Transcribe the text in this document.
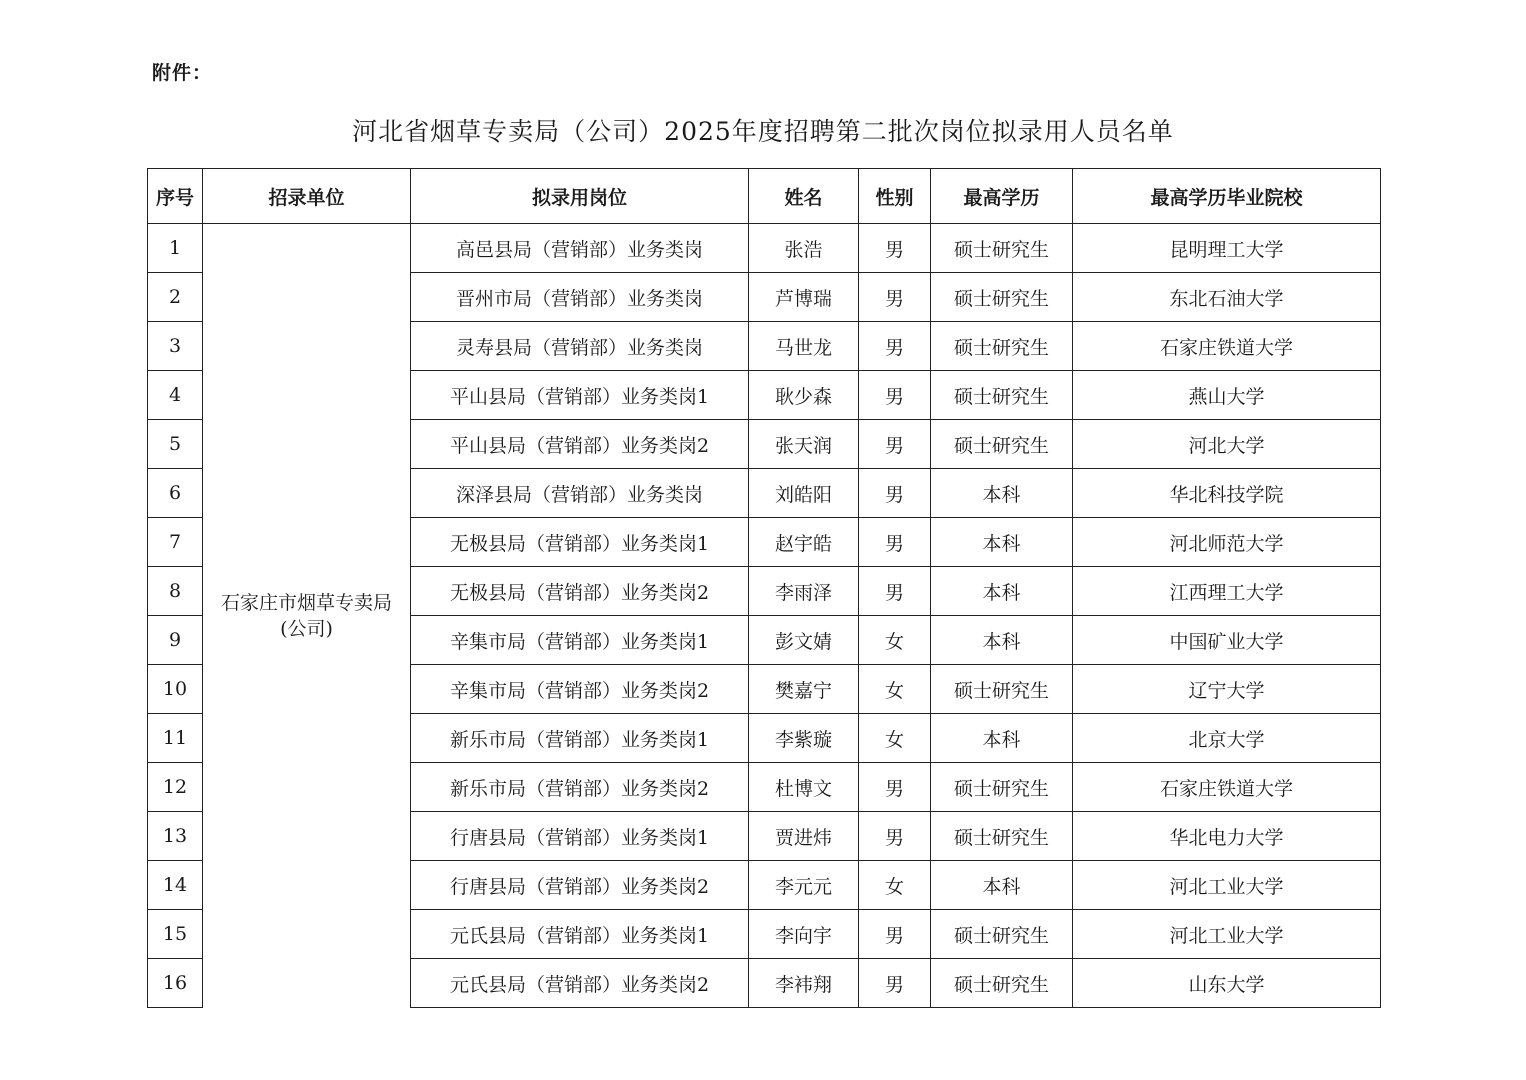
附件：
河北省烟草专卖局（公司）2025年度招聘第二批次岗位拟录用人员名单
序号	招录单位	拟录用岗位	姓名	性别	最高学历	最高学历毕业院校
1	石家庄市烟草专卖局
(公司)	高邑县局（营销部）业务类岗	张浩	男	硕士研究生	昆明理工大学
2		晋州市局（营销部）业务类岗	芦博瑞	男	硕士研究生	东北石油大学
3		灵寿县局（营销部）业务类岗	马世龙	男	硕士研究生	石家庄铁道大学
4		平山县局（营销部）业务类岗1	耿少森	男	硕士研究生	燕山大学
5		平山县局（营销部）业务类岗2	张天润	男	硕士研究生	河北大学
6		深泽县局（营销部）业务类岗	刘皓阳	男	本科	华北科技学院
7		无极县局（营销部）业务类岗1	赵宇皓	男	本科	河北师范大学
8		无极县局（营销部）业务类岗2	李雨泽	男	本科	江西理工大学
9		辛集市局（营销部）业务类岗1	彭文婧	女	本科	中国矿业大学
10		辛集市局（营销部）业务类岗2	樊嘉宁	女	硕士研究生	辽宁大学
11		新乐市局（营销部）业务类岗1	李紫璇	女	本科	北京大学
12		新乐市局（营销部）业务类岗2	杜博文	男	硕士研究生	石家庄铁道大学
13		行唐县局（营销部）业务类岗1	贾进炜	男	硕士研究生	华北电力大学
14		行唐县局（营销部）业务类岗2	李元元	女	本科	河北工业大学
15		元氏县局（营销部）业务类岗1	李向宇	男	硕士研究生	河北工业大学
16		元氏县局（营销部）业务类岗2	李袆翔	男	硕士研究生	山东大学
